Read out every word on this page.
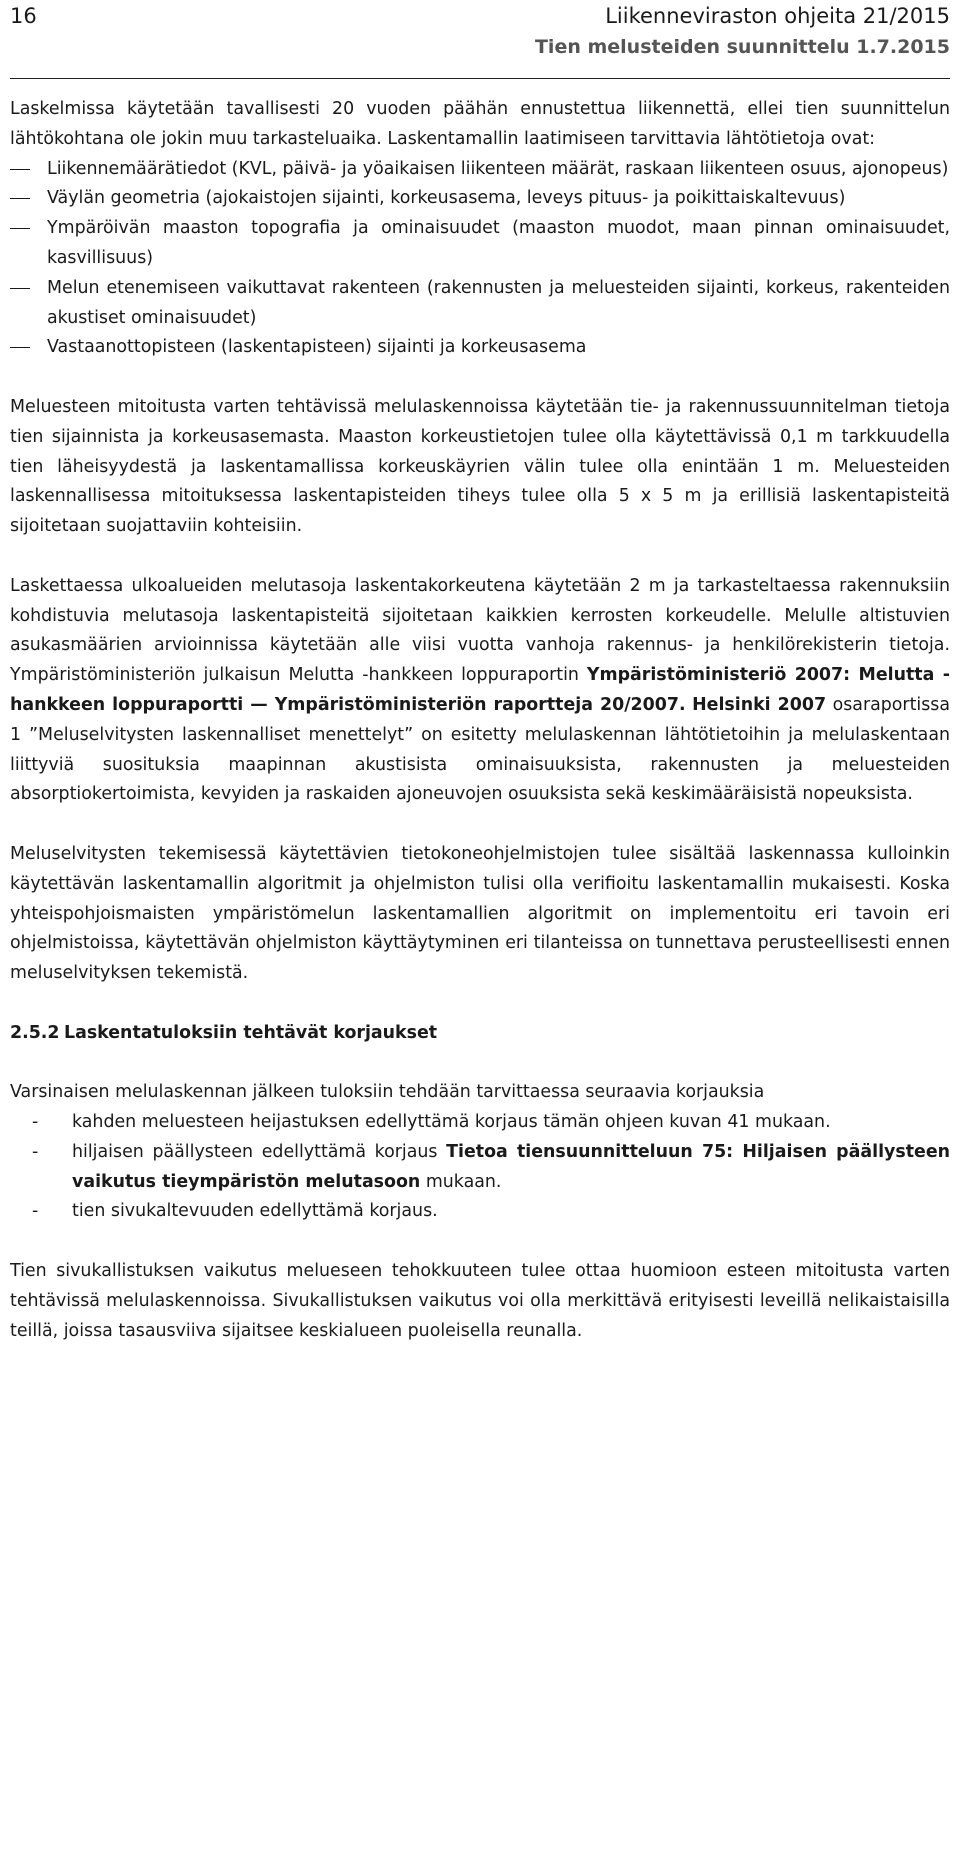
16	Liikenneviraston ohjeita 21/2015
Tien melusteiden suunnittelu 1.7.2015

Laskelmissa käytetään tavallisesti 20 vuoden päähän ennustettua liikennettä, ellei tien suunnittelun lähtökohtana ole jokin muu tarkasteluaika. Laskentamallin laatimiseen tarvittavia lähtötietoja ovat:

Liikennemäärätiedot (KVL, päivä- ja yöaikaisen liikenteen määrät, raskaan liikenteen osuus, ajonopeus)
Väylän geometria (ajokaistojen sijainti, korkeusasema, leveys pituus- ja poikittaiskaltevuus)
Ympäröivän maaston topografia ja ominaisuudet (maaston muodot, maan pinnan ominaisuudet, kasvillisuus)
Melun etenemiseen vaikuttavat rakenteen (rakennusten ja meluesteiden sijainti, korkeus, rakenteiden akustiset ominaisuudet)
Vastaanottopisteen (laskentapisteen) sijainti ja korkeusasema

Meluesteen mitoitusta varten tehtävissä melulaskennoissa käytetään tie- ja rakennussuunnitelman tietoja tien sijainnista ja korkeusasemasta. Maaston korkeustietojen tulee olla käytettävissä 0,1 m tarkkuudella tien läheisyydestä ja laskentamallissa korkeuskäyrien välin tulee olla enintään 1 m. Meluesteiden laskennallisessa mitoituksessa laskentapisteiden tiheys tulee olla 5 x 5 m ja erillisiä laskentapisteitä sijoitetaan suojattaviin kohteisiin.

Laskettaessa ulkoalueiden melutasoja laskentakorkeutena käytetään 2 m ja tarkasteltaessa rakennuksiin kohdistuvia melutasoja laskentapisteitä sijoitetaan kaikkien kerrosten korkeudelle. Melulle altistuvien asukasmäärien arvioinnissa käytetään alle viisi vuotta vanhoja rakennus- ja henkilörekisterin tietoja. Ympäristöministeriön julkaisun Melutta -hankkeen loppuraportin Ympäristöministeriö 2007: Melutta -hankkeen loppuraportti — Ympäristöministeriön raportteja 20/2007. Helsinki 2007 osaraportissa 1 ”Meluselvitysten laskennalliset menettelyt” on esitetty melulaskennan lähtötietoihin ja melulaskentaan liittyviä suosituksia maapinnan akustisista ominaisuuksista, rakennusten ja meluesteiden absorptiokertoimista, kevyiden ja raskaiden ajoneuvojen osuuksista sekä keskimääräisistä nopeuksista.

Meluselvitysten tekemisessä käytettävien tietokoneohjelmistojen tulee sisältää laskennassa kulloinkin käytettävän laskentamallin algoritmit ja ohjelmiston tulisi olla verifioitu laskentamallin mukaisesti. Koska yhteispohjoismaisten ympäristömelun laskentamallien algoritmit on implementoitu eri tavoin eri ohjelmistoissa, käytettävän ohjelmiston käyttäytyminen eri tilanteissa on tunnettava perusteellisesti ennen meluselvityksen tekemistä.

2.5.2 Laskentatuloksiin tehtävät korjaukset

Varsinaisen melulaskennan jälkeen tuloksiin tehdään tarvittaessa seuraavia korjauksia

- kahden meluesteen heijastuksen edellyttämä korjaus tämän ohjeen kuvan 41 mukaan.
- hiljaisen päällysteen edellyttämä korjaus Tietoa tiensuunnitteluun 75: Hiljaisen päällysteen vaikutus tieympäristön melutasoon mukaan.
- tien sivukaltevuuden edellyttämä korjaus.

Tien sivukallistuksen vaikutus melueseen tehokkuuteen tulee ottaa huomioon esteen mitoitusta varten tehtävissä melulaskennoissa. Sivukallistuksen vaikutus voi olla merkittävä erityisesti leveillä nelikaistaisilla teillä, joissa tasausviiva sijaitsee keskialueen puoleisella reunalla.
